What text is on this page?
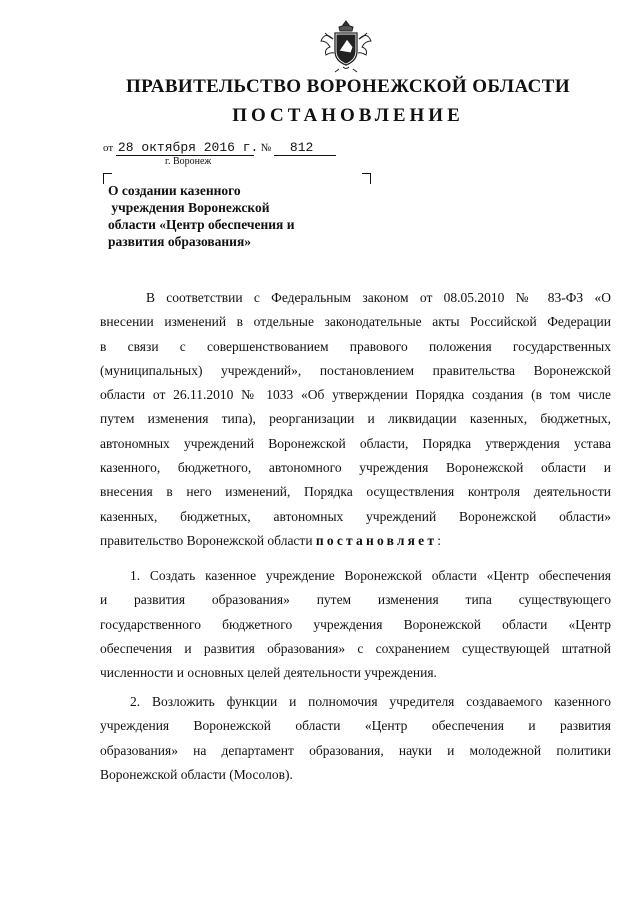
ПРАВИТЕЛЬСТВО ВОРОНЕЖСКОЙ ОБЛАСТИ
ПОСТАНОВЛЕНИЕ
от 28 октября 2016 г. № 812
г. Воронеж
О создании казенного
учреждения Воронежской
области «Центр обеспечения и
развития образования»
В соответствии с Федеральным законом от 08.05.2010 № 83-ФЗ «О
внесении изменений в отдельные законодательные акты Российской Федерации
в связи с совершенствованием правового положения государственных
(муниципальных) учреждений», постановлением правительства Воронежской
области от 26.11.2010 № 1033 «Об утверждении Порядка создания (в том числе
путем изменения типа), реорганизации и ликвидации казенных, бюджетных,
автономных учреждений Воронежской области, Порядка утверждения устава
казенного, бюджетного, автономного учреждения Воронежской области и
внесения в него изменений, Порядка осуществления контроля деятельности
казенных, бюджетных, автономных учреждений Воронежской области»
правительство Воронежской области постановляет:
1. Создать казенное учреждение Воронежской области «Центр обеспечения
и развития образования» путем изменения типа существующего
государственного бюджетного учреждения Воронежской области «Центр
обеспечения и развития образования» с сохранением существующей штатной
численности и основных целей деятельности учреждения.
2. Возложить функции и полномочия учредителя создаваемого казенного
учреждения Воронежской области «Центр обеспечения и развития
образования» на департамент образования, науки и молодежной политики
Воронежской области (Мосолов).
